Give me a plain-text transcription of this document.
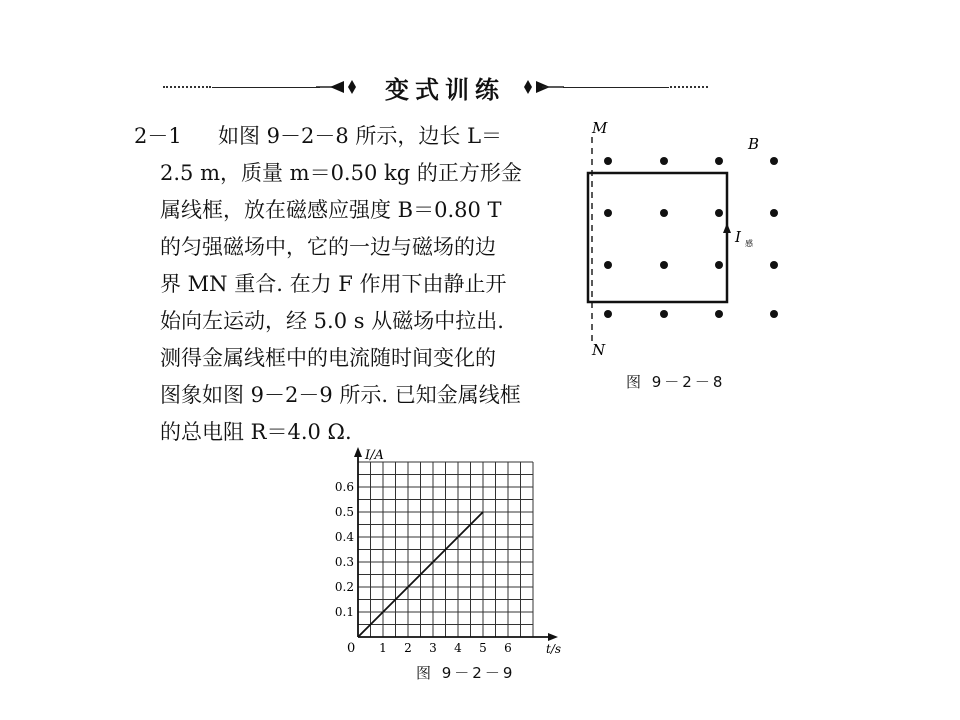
变式训练
2－1 如图 9－2－8 所示，边长 L＝
2.5 m，质量 m＝0.50 kg 的正方形金
属线框，放在磁感应强度 B＝0.80 T
的匀强磁场中，它的一边与磁场的边
界 MN 重合. 在力 F 作用下由静止开
始向左运动，经 5.0 s 从磁场中拉出.
测得金属线框中的电流随时间变化的
图象如图 9－2－9 所示. 已知金属线框
的总电阻 R＝4.0 Ω.
M
N
B
I 感
图 9－2－8
1 2 3 4 5 6
0.1
0.2
0.3
0.4
0.5
0.6
I/A
t/s
0
图 9－2－9
